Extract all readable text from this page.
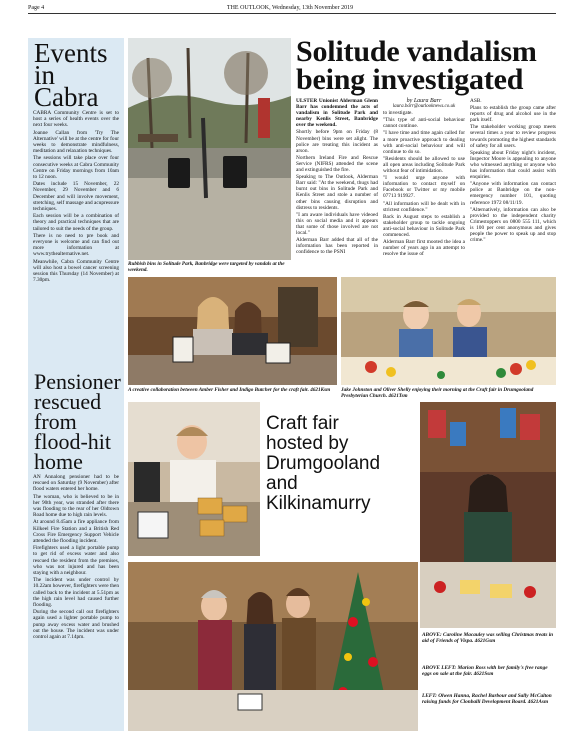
Page 4	THE OUTLOOK, Wednesday, 13th November 2019
Events
in
Cabra

CABRA Community Centre is set to host a series of health events over the next four weeks.

Joanne Callan from 'Try The Alternative' will be at the centre for four weeks to demonstrate mindfulness, meditation and relaxation techniques.

The sessions will take place over four consecutive weeks at Cabra Community Centre on Friday mornings from 10am to 12 noon.

Dates include 15 November, 22 November, 29 November and 6 December and will involve movement, stretching, self massage and acupressure techniques.

Each session will be a combination of theory and practical techniques that are tailored to suit the needs of the group.

There is no need to pre book and everyone is welcome and can find out more information at www.trythealternative.net.

Meanwhile, Cabra Community Centre will also host a bowel cancer screening session this Thursday (14 November) at 7.30pm.

Pensioner
rescued
from
flood-hit
home

AN Annalong pensioner had to be rescued on Saturday (9 November) after flood waters entered her home.

The woman, who is believed to be in her 90th year, was stranded after there was flooding to the rear of her Oldtown Road home due to high rain levels.

At around 8.45am a fire appliance from Kilkeel Fire Station and a British Red Cross Fire Emergency Support Vehicle attended the flooding incident.

Firefighters used a light portable pump to get rid of excess water and also rescued the resident from the premises, who was not injured and has been staying with a neighbour.

The incident was under control by 10.22am however, firefighters were then called back to the incident at 5.51pm as the high rain level had caused further flooding.

During the second call out firefighters again used a lighter portable pump to pump away excess water and brushed out the house. The incident was under control again at 7.14pm.

Rubbish bins in Solitude Park, Banbridge were targeted by vandals at the weekend.
Solitude vandalism
being investigated

ULSTER Unionist Alderman Glenn Barr has condemned the acts of vandalism in Solitude Park and nearby Kenlis Street, Banbridge over the weekend.

Shortly before 9pm on Friday (8 November) bins were set alight. The police are treating this incident as arson.

Northern Ireland Fire and Rescue Service (NIFRS) attended the scene and extinguished the fire.

Speaking to The Outlook, Alderman Barr said: "At the weekend, thugs had burnt out bins in Solitude Park and Kenlis Street and stole a number of other bins causing disruption and distress to residents.

"I am aware individuals have videoed this on social media and it appears that some of those involved are not local."

Alderman Barr added that all of the information has been reported in confidence to the PSNI

by Laura Barr
laura.barr@outlooknews.co.uk

to investigate.

"This type of anti-social behaviour cannot continue.

"I have time and time again called for a more proactive approach to dealing with anti-social behaviour and will continue to do so.

"Residents should be allowed to use all open areas including Solitude Park without fear of intimidation.

"I would urge anyone with information to contact myself on Facebook or Twitter or my mobile 07713 919927.

"All information will be dealt with in strictest confidence."

Back in August steps to establish a stakeholder group to tackle ongoing anti-social behaviour in Solitude Park commenced.

Alderman Barr first mooted the idea a number of years ago in an attempt to resolve the issue of

ASB.

Plans to establish the group came after reports of drug and alcohol use in the park itself.

The stakeholder working group meets several times a year to review progress towards promoting the highest standards of safety for all users.

Speaking about Friday night's incident, Inspector Moore is appealing to anyone who witnessed anything or anyone who has information that could assist with enquiries.

"Anyone with information can contact police at Banbridge on the non-emergency number 101, quoting reference 1972 08/11/19.

"Alternatively, information can also be provided to the independent charity Crimestoppers on 0800 555 111, which is 100 per cent anonymous and gives people the power to speak up and stop crime."

A creative collaboration between Amber Fisher and Indigo Butcher for the craft fair. 4621Ksm	Jake Johnston and Oliver Shelly enjoying their morning at the Craft fair in Drumgooland Presbyterian Church. 4621Tsm
Craft fair
hosted by
Drumgooland
and
Kilkinamurry
ABOVE: Caroline Macauley was selling Christmas treats in aid of Friends of Vispa. 4621Gsm
ABOVE LEFT: Marion Ross with her family's free range eggs on sale at the fair. 4621Ssm
LEFT: Olwen Hanna, Rachel Barbour and Sally McCalton raising funds for Clonballi Development Board. 4621Asm
